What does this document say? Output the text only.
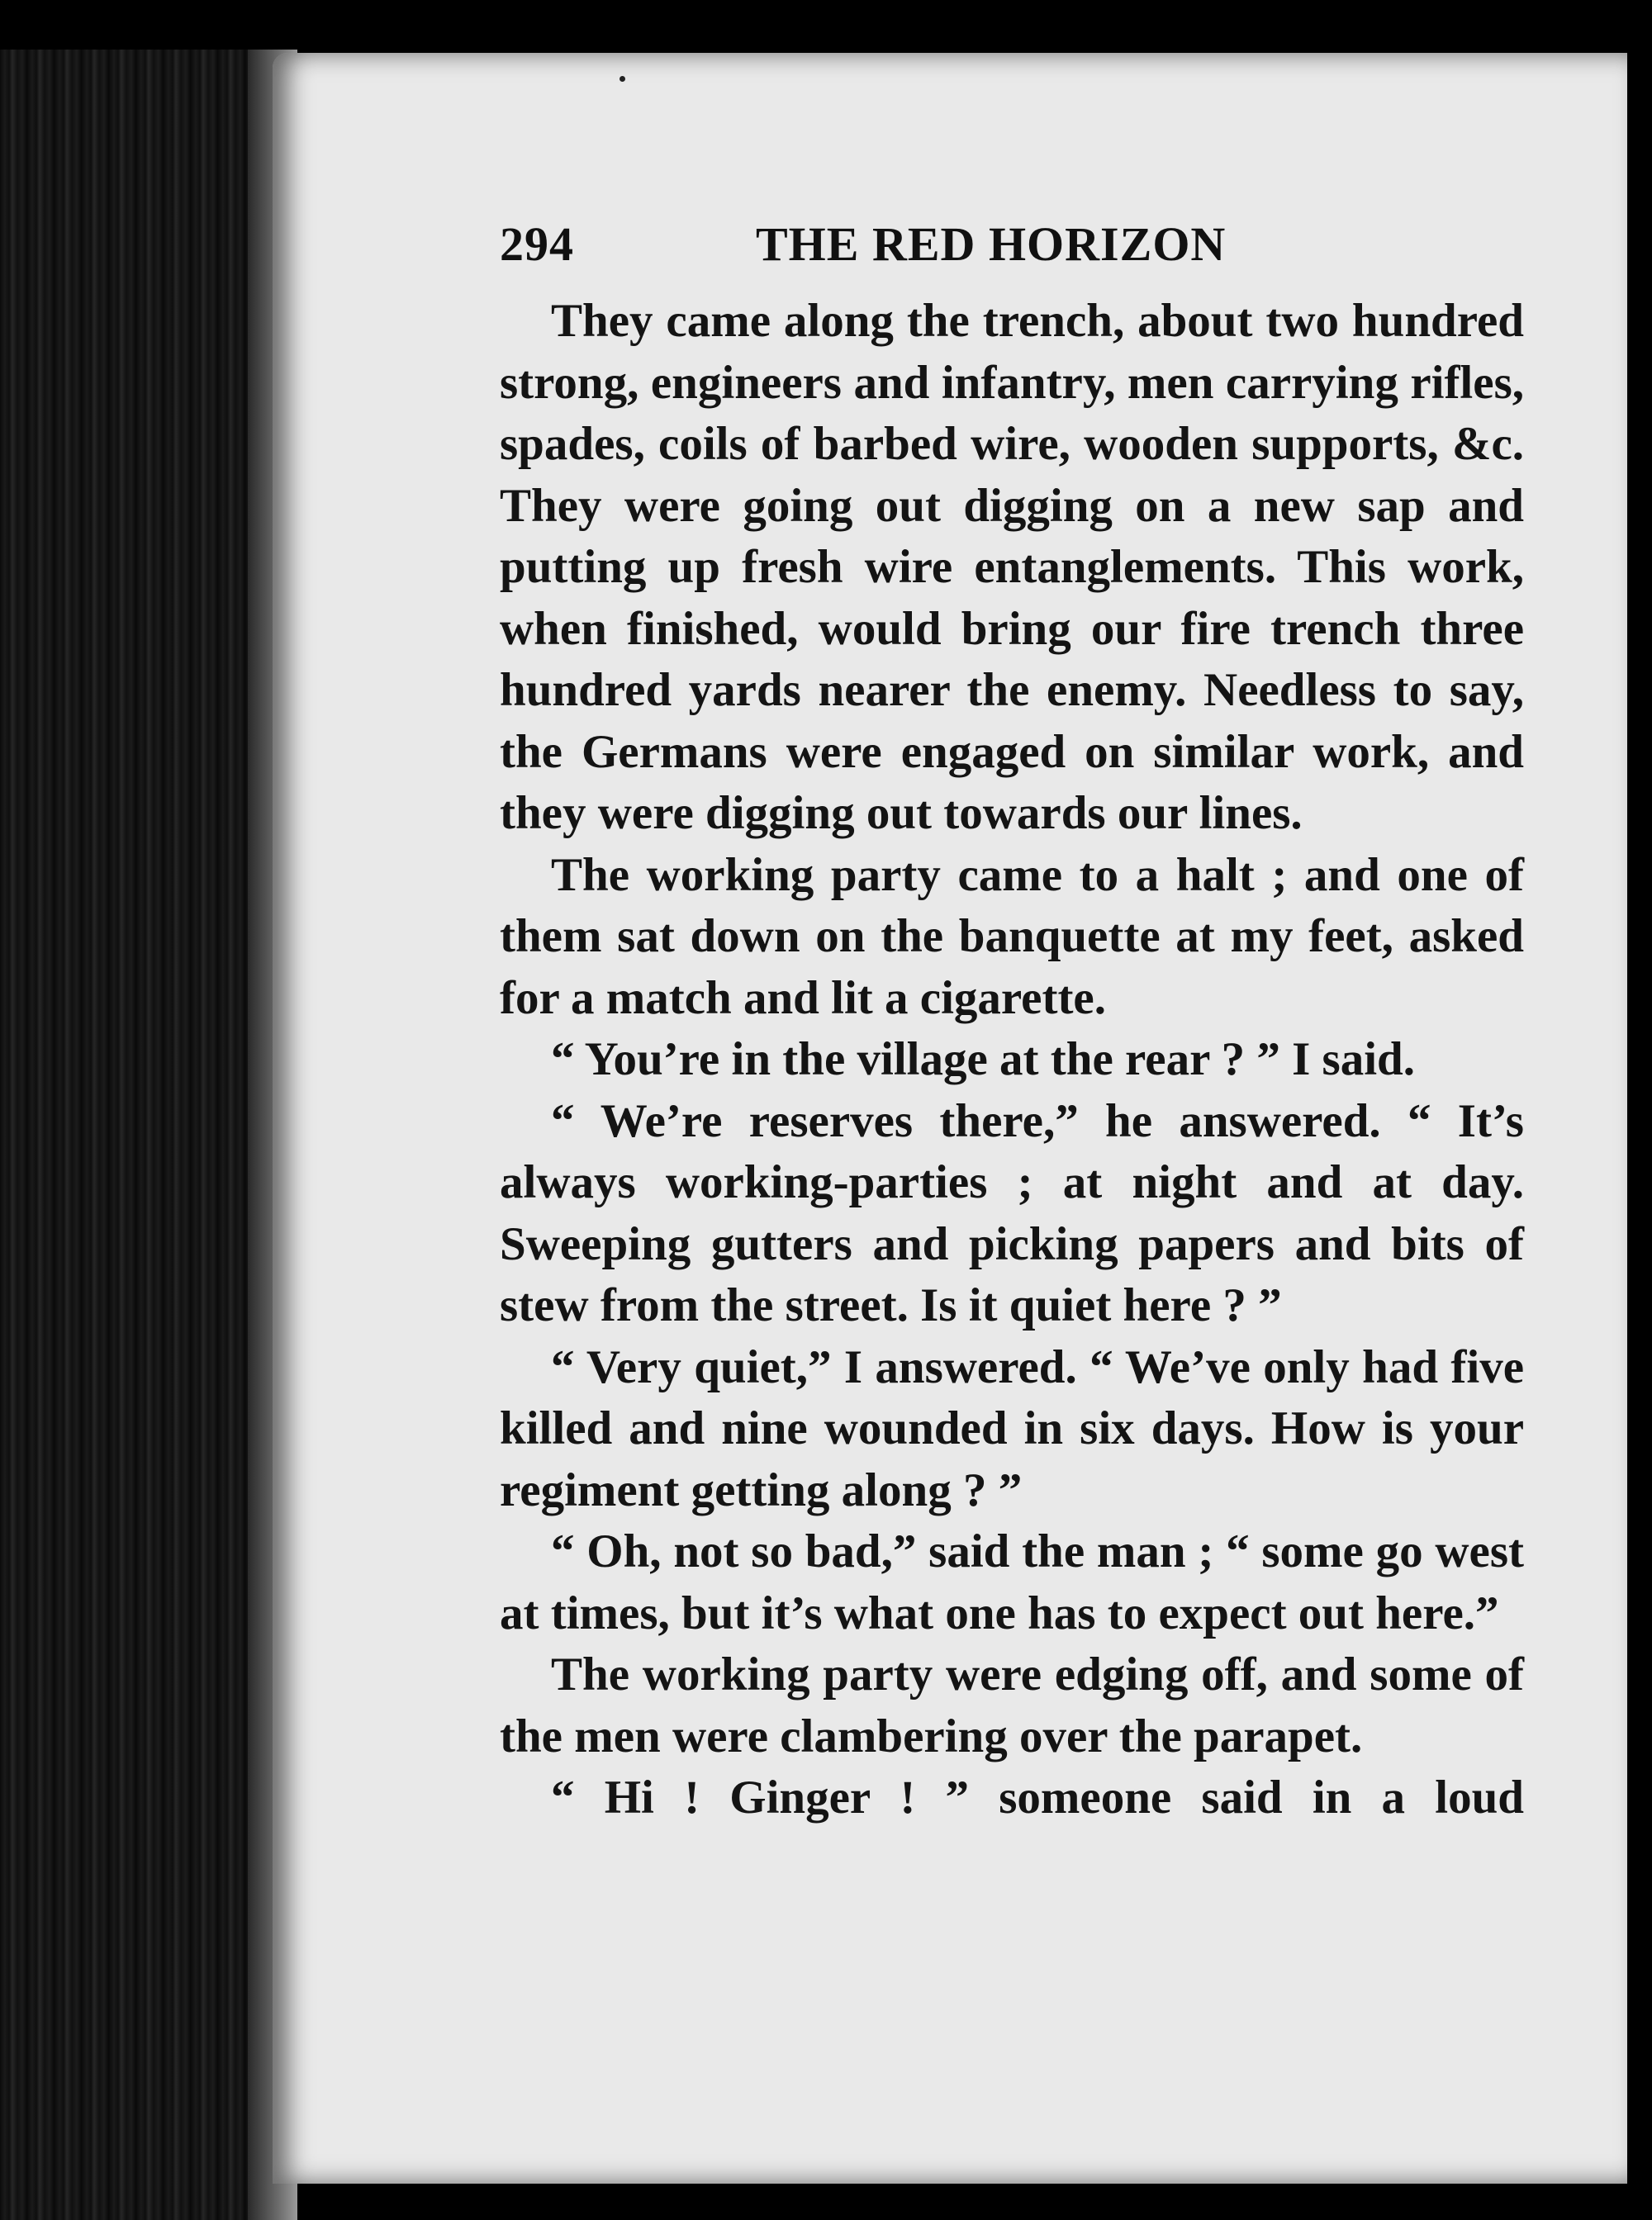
294	THE RED HORIZON

They came along the trench, about two hundred strong, engineers and infantry, men carrying rifles, spades, coils of barbed wire, wooden supports, &c. They were going out digging on a new sap and putting up fresh wire entanglements. This work, when finished, would bring our fire trench three hundred yards nearer the enemy. Needless to say, the Germans were engaged on similar work, and they were digging out towards our lines.

The working party came to a halt ; and one of them sat down on the banquette at my feet, asked for a match and lit a cigarette.

“ You’re in the village at the rear ? ” I said.

“ We’re reserves there,” he answered. “ It’s always working-parties ; at night and at day. Sweeping gutters and picking papers and bits of stew from the street. Is it quiet here ? ”

“ Very quiet,” I answered. “ We’ve only had five killed and nine wounded in six days. How is your regiment getting along ? ”

“ Oh, not so bad,” said the man ; “ some go west at times, but it’s what one has to expect out here.”

The working party were edging off, and some of the men were clambering over the parapet.

“ Hi ! Ginger ! ” someone said in a loud
